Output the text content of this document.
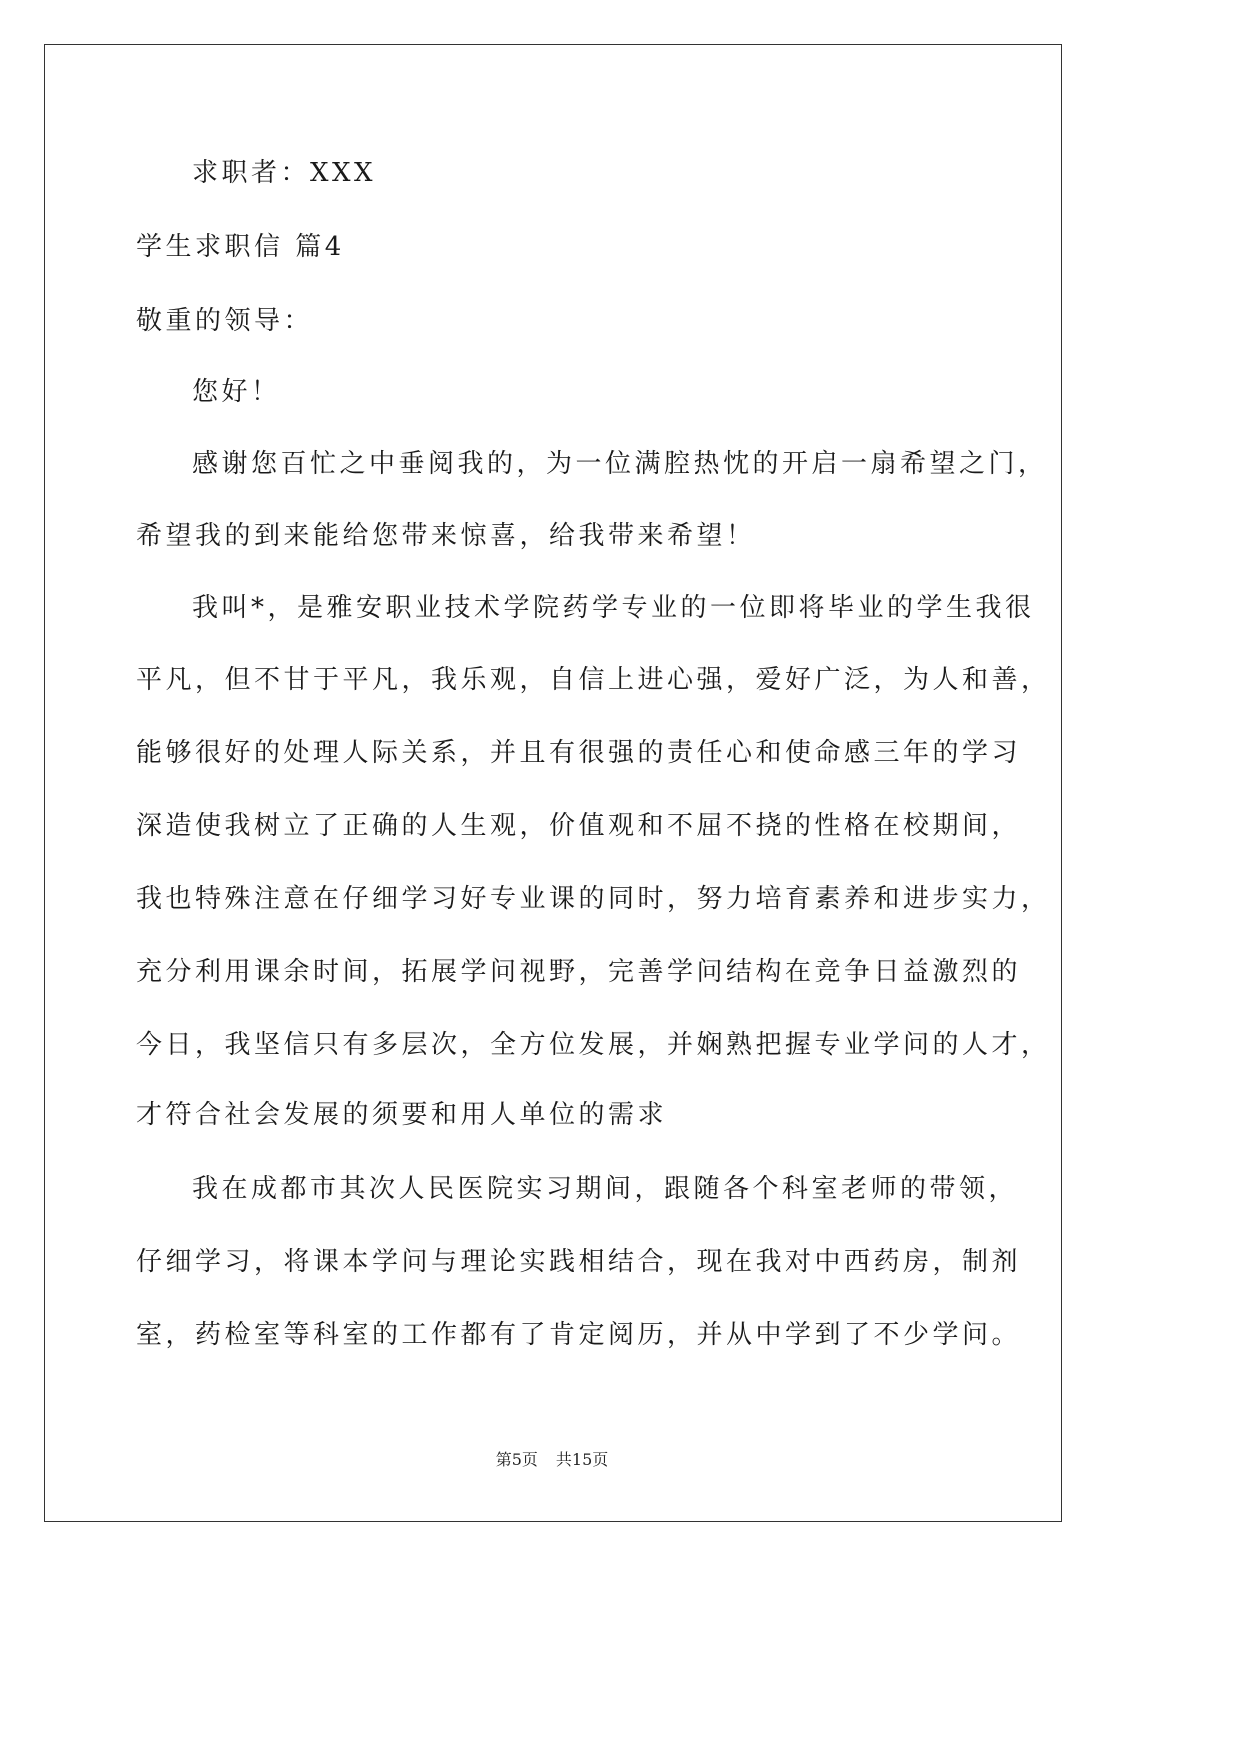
求职者：XXX
学生求职信 篇4
敬重的领导：
您好！
感谢您百忙之中垂阅我的，为一位满腔热忱的开启一扇希望之门，
希望我的到来能给您带来惊喜，给我带来希望！
我叫*，是雅安职业技术学院药学专业的一位即将毕业的学生我很
平凡，但不甘于平凡，我乐观，自信上进心强，爱好广泛，为人和善，
能够很好的处理人际关系，并且有很强的责任心和使命感三年的学习
深造使我树立了正确的人生观，价值观和不屈不挠的性格在校期间，
我也特殊注意在仔细学习好专业课的同时，努力培育素养和进步实力，
充分利用课余时间，拓展学问视野，完善学问结构在竞争日益激烈的
今日，我坚信只有多层次，全方位发展，并娴熟把握专业学问的人才，
才符合社会发展的须要和用人单位的需求
我在成都市其次人民医院实习期间，跟随各个科室老师的带领，
仔细学习，将课本学问与理论实践相结合，现在我对中西药房，制剂
室，药检室等科室的工作都有了肯定阅历，并从中学到了不少学问。
第5页 共15页
